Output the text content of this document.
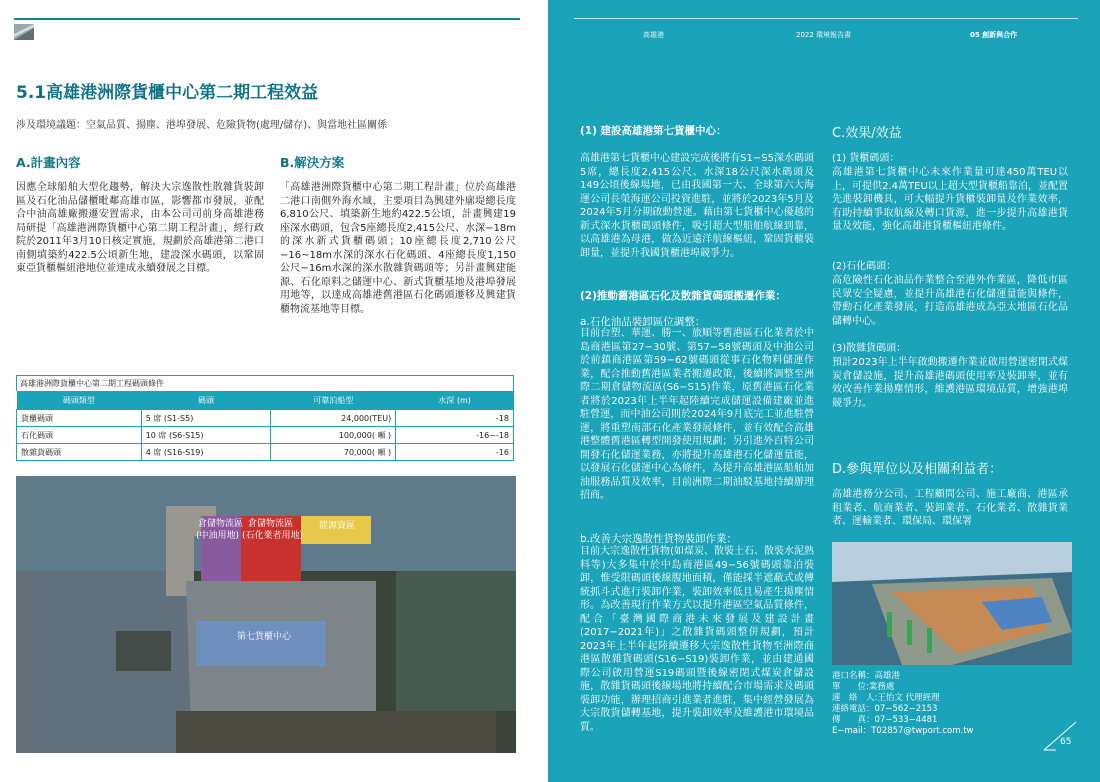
5.1高雄港洲際貨櫃中心第二期工程效益
涉及環境議題：空氣品質、揚塵、港埠發展、危險貨物(處理/儲存)、與當地社區關係
A.計畫內容

因應全球船舶大型化趨勢，解決大宗逸散性散雜貨裝卸區及石化油品儲櫃毗鄰高雄市區，影響都市發展，並配合中油高雄廠搬遷安置需求，由本公司司前身高雄港務局研提「高雄港洲際貨櫃中心第二期工程計畫」，經行政院於2011年3月10日核定實施，規劃於高雄港第二港口南側填築約422.5公頃新生地，建設深水碼頭，以鞏固東亞貨櫃樞紐港地位並達成永續發展之目標。

B.解決方案

「高雄港洲際貨櫃中心第二期工程計畫」位於高雄港二港口南側外海水域，主要項目為興建外廓堤總長度6,810公尺、填築新生地約422.5公頃，計畫興建19座深水碼頭，包含5座總長度2,415公尺、水深−18m的深水新式貨櫃碼頭；10座總長度2,710公尺−16~18m水深的深水石化碼頭、4座總長度1,150公尺−16m水深的深水散雜貨碼頭等；另計畫興建能源、石化原料之儲運中心、新式貨櫃基地及港埠發展用地等，以達成高雄港舊港區石化碼頭遷移及興建貨櫃物流基地等目標。

高雄港洲際貨櫃中心第二期工程碼頭條件
碼頭類型	碼頭	可靠泊船型	水深 (m)
貨櫃碼頭	5 席 (S1-S5)	24,000(TEU)	-18
石化碼頭	10 席 (S6-S15)	100,000( 噸 )	-16~-18
散雜貨碼頭	4 席 (S16-S19)	70,000( 噸 )	-16
倉儲物流區
(中油用地)
倉儲物流區
(石化業者用地)
能源資區
第七貨櫃中心
高雄港	2022 環境報告書	05 創新與合作
(1) 建設高雄港第七貨櫃中心：

高雄港第七貨櫃中心建設完成後將有S1−S5深水碼頭5席，總長度2,415公尺、水深18公尺深水碼頭及149公頃後線場地，已由我國第一大、全球第六大海運公司長榮海運公司投資進駐，並將於2023年5月及2024年5月分期啟動營運。藉由第七貨櫃中心優越的新式深水貨櫃碼頭條件，吸引超大型船舶航線到靠，以高雄港為母港，做為近遠洋航線樞紐，鞏固貨櫃裝卸量，並提升我國貨櫃港埠競爭力。

(2)推動舊港區石化及散雜貨碼頭搬遷作業：
a.石化油品裝卸區位調整：

目前台塑、華運、勝一、旅順等舊港區石化業者於中島商港區第27−30號、第57−58號碼頭及中油公司於前鎮商港區第59−62號碼頭從事石化物料儲運作業，配合推動舊港區業者搬遷政策，後續將調整至洲際二期倉儲物流區(S6−S15)作業，原舊港區石化業者將於2023年上半年起陸續完成儲運設備建廠並進駐營運，而中油公司則於2024年9月底完工並進駐營運，將重塑南部石化產業發展條件，並有效配合高雄港整體舊港區轉型開發使用規劃；另引進外百特公司開發石化儲運業務，亦將提升高雄港石化儲運量能，以發展石化儲運中心為條件，為提升高雄港區船舶加油服務品質及效率，目前洲際二期油駁基地持續辦理招商。

b.改善大宗逸散性貨物裝卸作業：

目前大宗逸散性貨物(如煤炭、散裝土石、散裝水泥熟料等)大多集中於中島商港區49−56號碼頭靠泊裝卸，惟受限碼頭後線腹地面積，僅能採半遮蔽式或傳統抓斗式進行裝卸作業，裝卸效率低且易產生揚塵情形。為改善現行作業方式以提升港區空氣品質條件，配合「臺灣國際商港未來發展及建設計畫(2017−2021年)」之散雜貨碼頭整併規劃，預計2023年上半年起陸續遷移大宗逸散性貨物至洲際商港區散雜貨碼頭(S16−S19)裝卸作業，並由建通國際公司啟用營運S19碼頭暨後線密閉式煤炭倉儲設施，散雜貨碼頭後線場地將持續配合市場需求及碼頭裝卸功能，辦理招商引進業者進駐，集中經營發展為大宗散貨儲轉基地，提升裝卸效率及維護港市環境品質。

C.效果/效益
(1) 貨櫃碼頭：

高雄港第七貨櫃中心未來作業量可達450萬TEU以上，可提供2.4萬TEU以上超大型貨櫃船靠泊，並配置先進裝卸機具，可大幅提升貨櫃裝卸量及作業效率，有助持續爭取航線及轉口貨源，進一步提升高雄港貨量及效能，強化高雄港貨櫃樞紐港條件。

(2)石化碼頭：

高危險性石化油品作業整合至港外作業區，降低市區民眾安全疑慮，並提升高雄港石化儲運量能與條件，帶動石化產業發展，打造高雄港成為亞太地區石化品儲轉中心。

(3)散雜貨碼頭：

預計2023年上半年啟動搬遷作業並啟用營運密閉式煤炭倉儲設施，提升高雄港碼頭使用率及裝卸率，並有效改善作業揚塵情形，維護港區環境品質，增強港埠競爭力。

D.參與單位以及相關利益者：

高雄港務分公司、工程顧問公司、施工廠商、港區承租業者、航商業者、裝卸業者、石化業者、散雜貨業者、運輸業者、環保局、環保署

港口名稱：高雄港
單　　位:業務處
連　絡　人:王怡文 代理經理
連絡電話：07−562−2153
傳　　真：07−533−4481
E−mail：T02857@twport.com.tw
65
